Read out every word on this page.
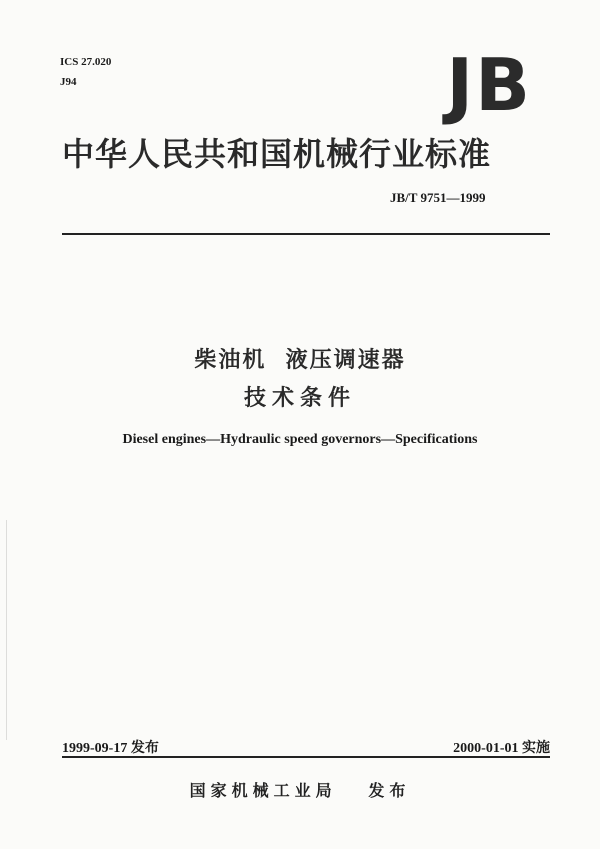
ICS 27.020
J94	JB
中华人民共和国机械行业标准
JB/T 9751—1999
柴油机  液压调速器
技术条件
Diesel engines—Hydraulic speed governors—Specifications
1999-09-17 发布	2000-01-01 实施
国家机械工业局   发布
